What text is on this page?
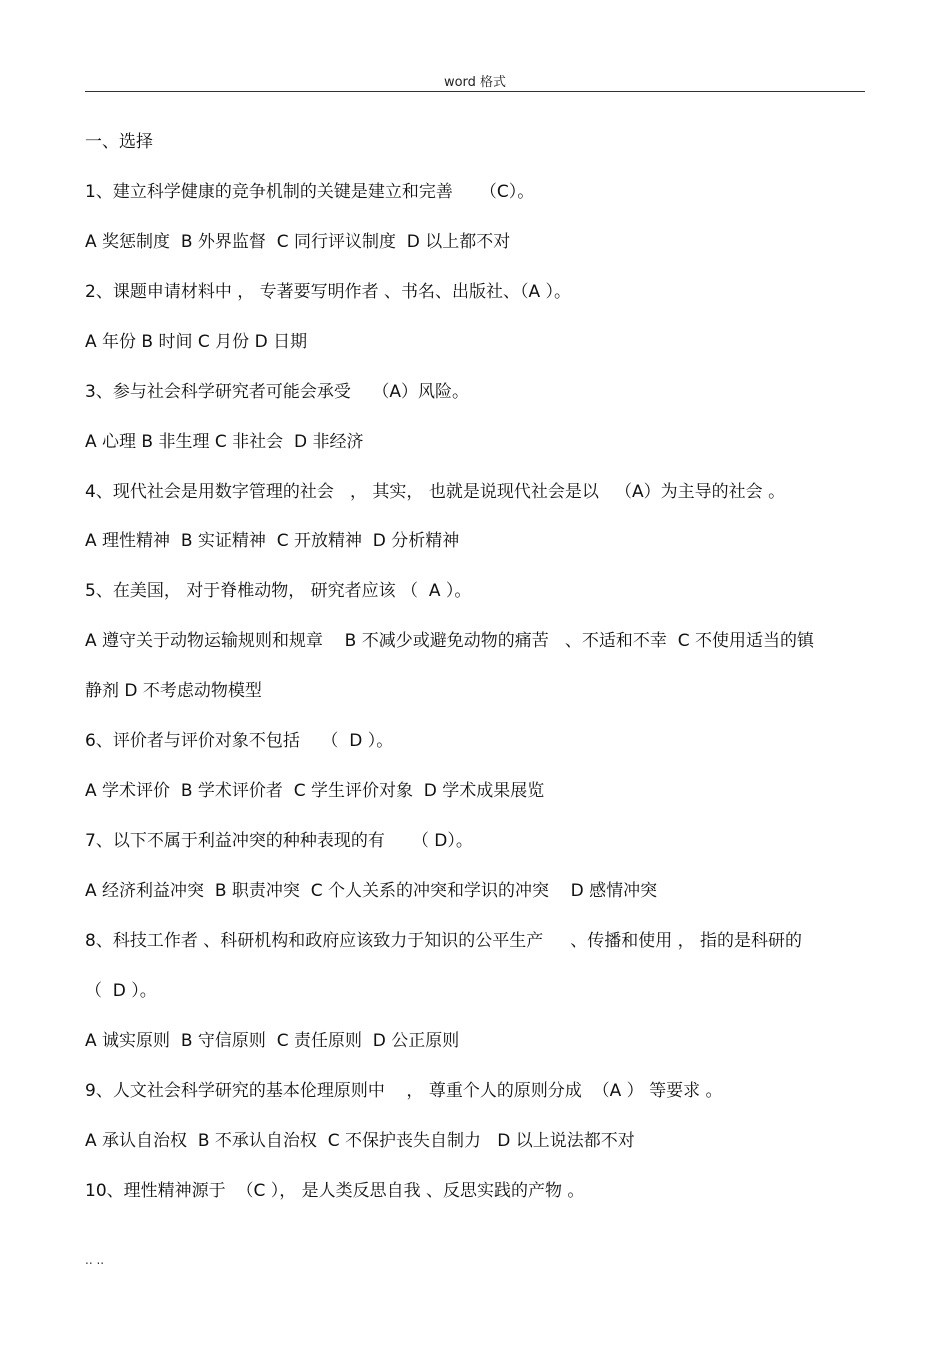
word 格式
一、选择
1、建立科学健康的竞争机制的关键是建立和完善     （C）。
A 奖惩制度  B 外界监督  C 同行评议制度  D 以上都不对
2、课题申请材料中 ， 专著要写明作者 、书名、出版社、（A ）。
A 年份 B 时间 C 月份 D 日期
3、参与社会科学研究者可能会承受    （A）风险。
A 心理 B 非生理 C 非社会  D 非经济
4、现代社会是用数字管理的社会   ， 其实， 也就是说现代社会是以   （A）为主导的社会 。
A 理性精神  B 实证精神  C 开放精神  D 分析精神
5、在美国， 对于脊椎动物， 研究者应该 （  A ）。
A 遵守关于动物运输规则和规章    B 不减少或避免动物的痛苦   、不适和不幸  C 不使用适当的镇
静剂 D 不考虑动物模型
6、评价者与评价对象不包括    （  D ）。
A 学术评价  B 学术评价者  C 学生评价对象  D 学术成果展览
7、以下不属于利益冲突的种种表现的有     （ D）。
A 经济利益冲突  B 职责冲突  C 个人关系的冲突和学识的冲突    D 感情冲突
8、科技工作者 、科研机构和政府应该致力于知识的公平生产     、传播和使用 ， 指的是科研的
（  D ）。
A 诚实原则  B 守信原则  C 责任原则  D 公正原则
9、人文社会科学研究的基本伦理原则中    ， 尊重个人的原则分成  （A ） 等要求 。
A 承认自治权  B 不承认自治权  C 不保护丧失自制力   D 以上说法都不对
10、理性精神源于  （C ）， 是人类反思自我 、反思实践的产物 。
.. ..
